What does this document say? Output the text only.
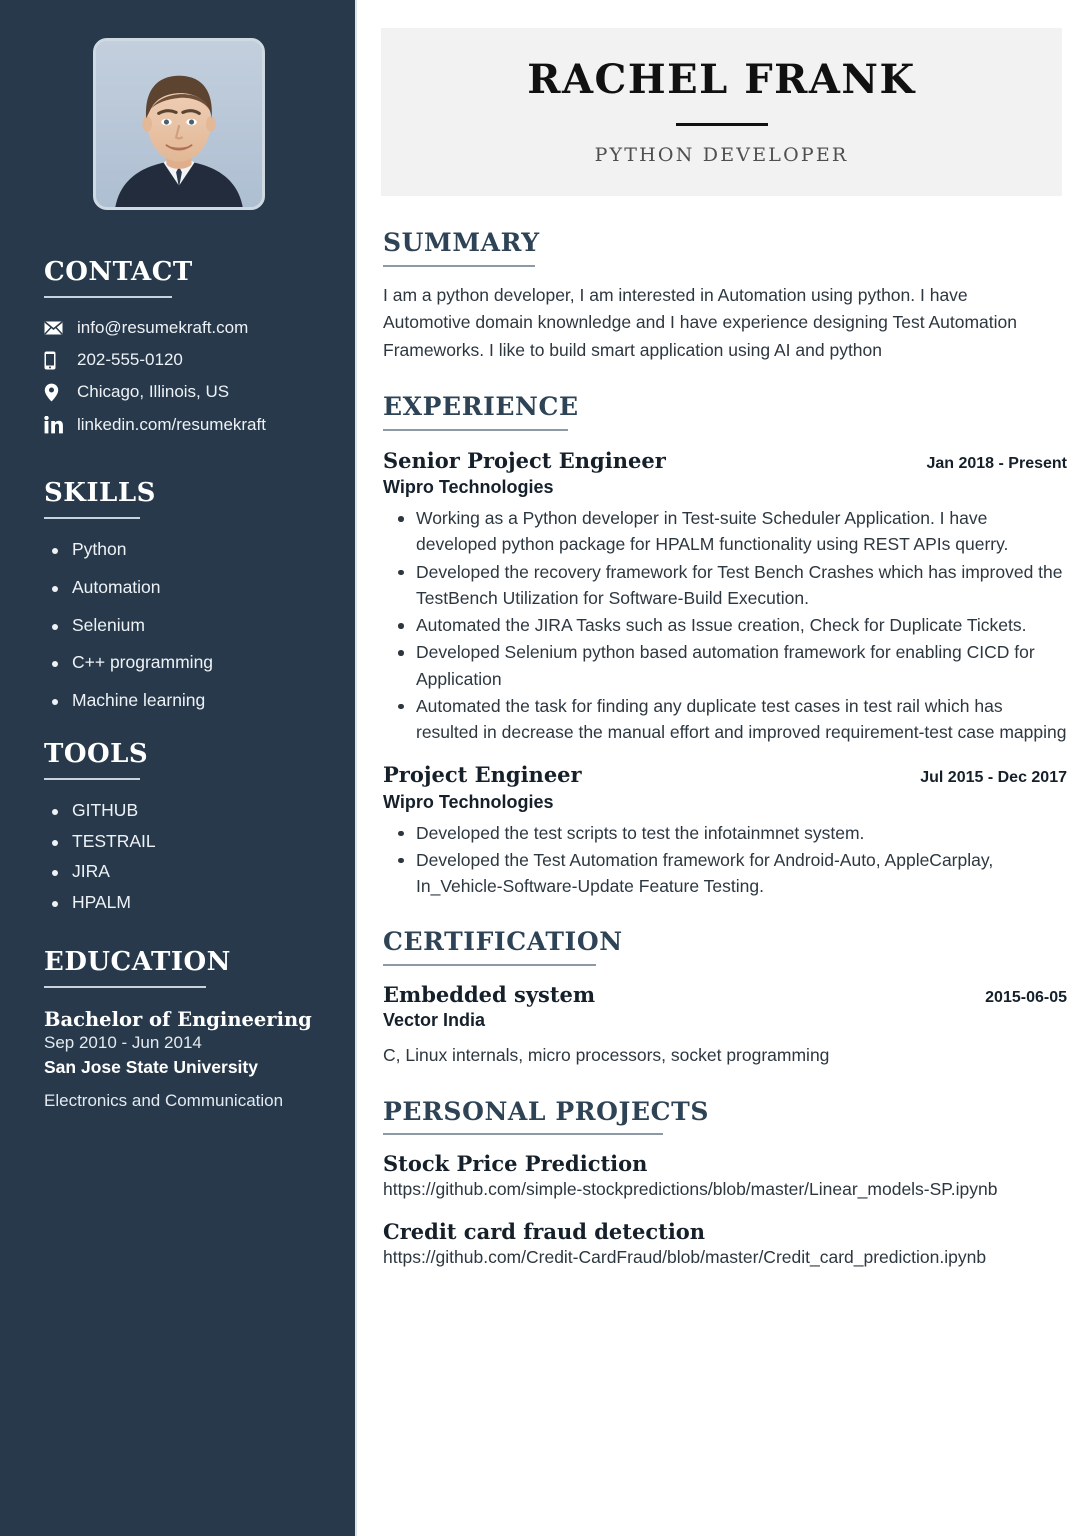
CONTACT
info@resumekraft.com
202-555-0120
Chicago, Illinois, US
linkedin.com/resumekraft
SKILLS
Python
Automation
Selenium
C++ programming
Machine learning
TOOLS
GITHUB
TESTRAIL
JIRA
HPALM
EDUCATION
Bachelor of Engineering
Sep 2010 - Jun 2014
San Jose State University
Electronics and Communication
RACHEL FRANK
PYTHON DEVELOPER
SUMMARY

I am a python developer, I am interested in Automation using python. I have Automotive domain knownledge and I have experience designing Test Automation Frameworks. I like to build smart application using AI and python

EXPERIENCE
Senior Project Engineer	Jan 2018 - Present
Wipro Technologies
Working as a Python developer in Test-suite Scheduler Application. I have developed python package for HPALM functionality using REST APIs querry.
Developed the recovery framework for Test Bench Crashes which has improved the TestBench Utilization for Software-Build Execution.
Automated the JIRA Tasks such as Issue creation, Check for Duplicate Tickets.
Developed Selenium python based automation framework for enabling CICD for Application
Automated the task for finding any duplicate test cases in test rail which has resulted in decrease the manual effort and improved requirement-test case mapping
Project Engineer	Jul 2015 - Dec 2017
Wipro Technologies
Developed the test scripts to test the infotainmnet system.
Developed the Test Automation framework for Android-Auto, AppleCarplay, In_Vehicle-Software-Update Feature Testing.
CERTIFICATION
Embedded system	2015-06-05
Vector India
C, Linux internals, micro processors, socket programming
PERSONAL PROJECTS
Stock Price Prediction
https://github.com/simple-stockpredictions/blob/master/Linear_models-SP.ipynb
Credit card fraud detection
https://github.com/Credit-CardFraud/blob/master/Credit_card_prediction.ipynb
